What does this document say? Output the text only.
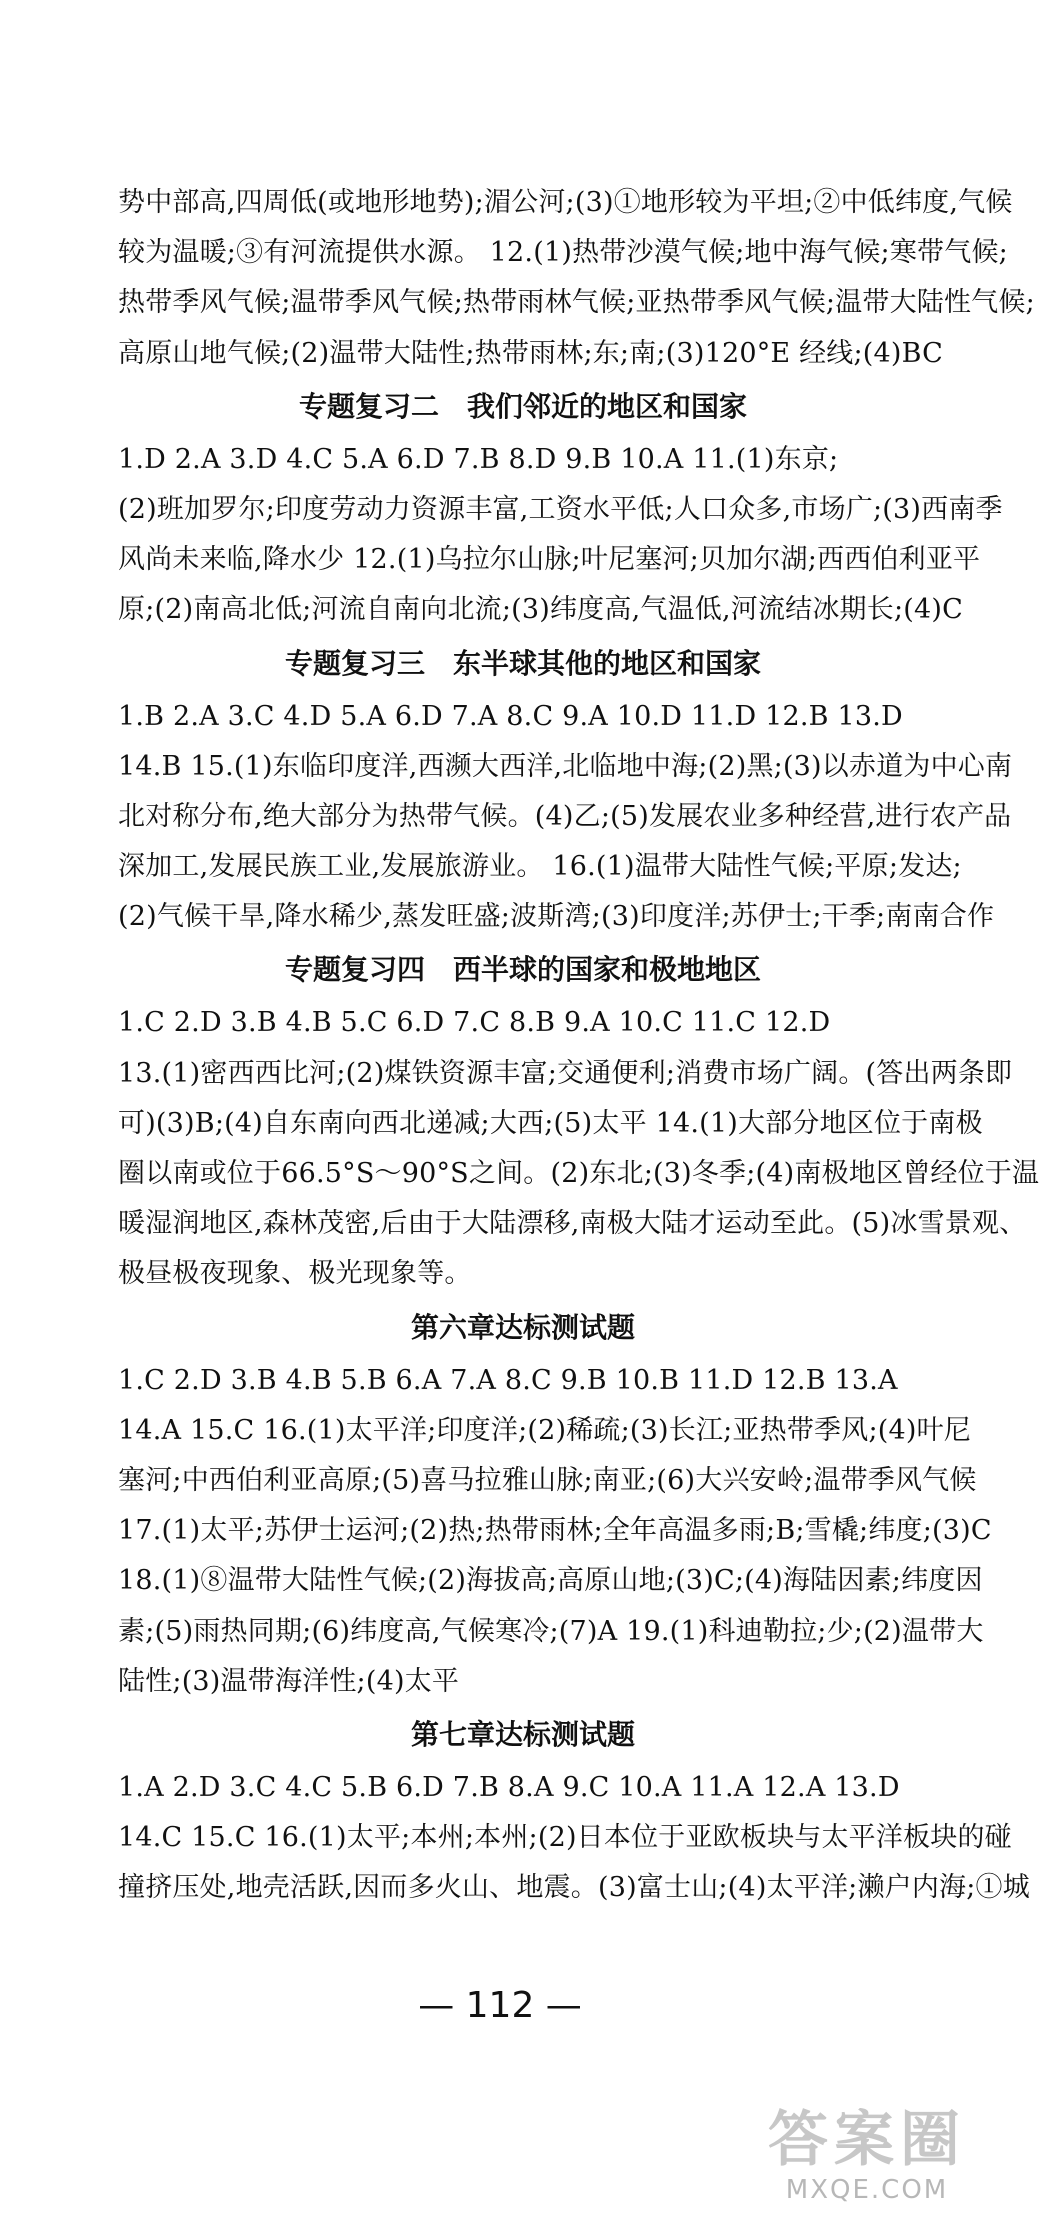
势中部高,四周低(或地形地势);湄公河;(3)①地形较为平坦;②中低纬度,气候
较为温暖;③有河流提供水源。 12.(1)热带沙漠气候;地中海气候;寒带气候;
热带季风气候;温带季风气候;热带雨林气候;亚热带季风气候;温带大陆性气候;
高原山地气候;(2)温带大陆性;热带雨林;东;南;(3)120°E 经线;(4)BC
专题复习二　我们邻近的地区和国家
1.D 2.A 3.D 4.C 5.A 6.D 7.B 8.D 9.B 10.A 11.(1)东京;
(2)班加罗尔;印度劳动力资源丰富,工资水平低;人口众多,市场广;(3)西南季
风尚未来临,降水少 12.(1)乌拉尔山脉;叶尼塞河;贝加尔湖;西西伯利亚平
原;(2)南高北低;河流自南向北流;(3)纬度高,气温低,河流结冰期长;(4)C
专题复习三　东半球其他的地区和国家
1.B 2.A 3.C 4.D 5.A 6.D 7.A 8.C 9.A 10.D 11.D 12.B 13.D
14.B 15.(1)东临印度洋,西濒大西洋,北临地中海;(2)黑;(3)以赤道为中心南
北对称分布,绝大部分为热带气候。(4)乙;(5)发展农业多种经营,进行农产品
深加工,发展民族工业,发展旅游业。 16.(1)温带大陆性气候;平原;发达;
(2)气候干旱,降水稀少,蒸发旺盛;波斯湾;(3)印度洋;苏伊士;干季;南南合作
专题复习四　西半球的国家和极地地区
1.C 2.D 3.B 4.B 5.C 6.D 7.C 8.B 9.A 10.C 11.C 12.D
13.(1)密西西比河;(2)煤铁资源丰富;交通便利;消费市场广阔。(答出两条即
可)(3)B;(4)自东南向西北递减;大西;(5)太平 14.(1)大部分地区位于南极
圈以南或位于66.5°S～90°S之间。(2)东北;(3)冬季;(4)南极地区曾经位于温
暖湿润地区,森林茂密,后由于大陆漂移,南极大陆才运动至此。(5)冰雪景观、
极昼极夜现象、极光现象等。
第六章达标测试题
1.C 2.D 3.B 4.B 5.B 6.A 7.A 8.C 9.B 10.B 11.D 12.B 13.A
14.A 15.C 16.(1)太平洋;印度洋;(2)稀疏;(3)长江;亚热带季风;(4)叶尼
塞河;中西伯利亚高原;(5)喜马拉雅山脉;南亚;(6)大兴安岭;温带季风气候
17.(1)太平;苏伊士运河;(2)热;热带雨林;全年高温多雨;B;雪橇;纬度;(3)C
18.(1)⑧温带大陆性气候;(2)海拔高;高原山地;(3)C;(4)海陆因素;纬度因
素;(5)雨热同期;(6)纬度高,气候寒冷;(7)A 19.(1)科迪勒拉;少;(2)温带大
陆性;(3)温带海洋性;(4)太平
第七章达标测试题
1.A 2.D 3.C 4.C 5.B 6.D 7.B 8.A 9.C 10.A 11.A 12.A 13.D
14.C 15.C 16.(1)太平;本州;本州;(2)日本位于亚欧板块与太平洋板块的碰
撞挤压处,地壳活跃,因而多火山、地震。(3)富士山;(4)太平洋;濑户内海;①城
— 112 —
答案圈
MXQE.COM
